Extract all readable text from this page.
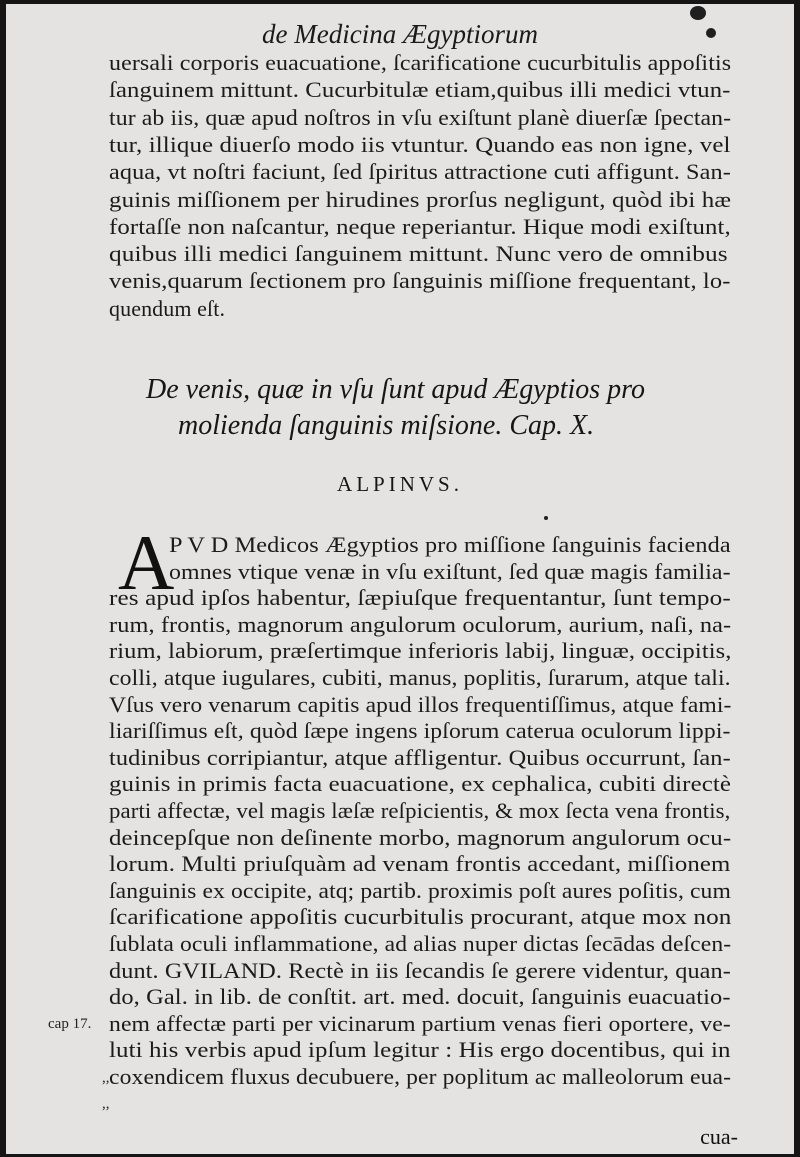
de Medicina Ægyptiorum
uersali corporis euacuatione, ſcarificatione cucurbitulis appoſitis
ſanguinem mittunt. Cucurbitulæ etiam,quibus illi medici vtun-
tur ab iis, quæ apud noſtros in vſu exiſtunt planè diuerſæ ſpectan-
tur, illique diuerſo modo iis vtuntur. Quando eas non igne, vel
aqua, vt noſtri faciunt, ſed ſpiritus attractione cuti affigunt. San-
guinis miſſionem per hirudines prorſus negligunt, quòd ibi hæ
fortaſſe non naſcantur, neque reperiantur. Hique modi exiſtunt,
quibus illi medici ſanguinem mittunt. Nunc vero de omnibus
venis,quarum ſectionem pro ſanguinis miſſione frequentant, lo-
quendum eſt.
De venis, quæ in vſu ſunt apud Ægyptios pro
molienda ſanguinis miſsione. Cap. X.
ALPINVS.
A
P V D Medicos Ægyptios pro miſſione ſanguinis facienda
omnes vtique venæ in vſu exiſtunt, ſed quæ magis familia-
res apud ipſos habentur, ſæpiuſque frequentantur, ſunt tempo-
rum, frontis, magnorum angulorum oculorum, aurium, naſi, na-
rium, labiorum, præſertimque inferioris labij, linguæ, occipitis,
colli, atque iugulares, cubiti, manus, poplitis, ſurarum, atque tali.
Vſus vero venarum capitis apud illos frequentiſſimus, atque fami-
liariſſimus eſt, quòd ſæpe ingens ipſorum caterua oculorum lippi-
tudinibus corripiantur, atque affligentur. Quibus occurrunt, ſan-
guinis in primis facta euacuatione, ex cephalica, cubiti directè
parti affectæ, vel magis læſæ reſpicientis, & mox ſecta vena frontis,
deincepſque non deſinente morbo, magnorum angulorum ocu-
lorum. Multi priuſquàm ad venam frontis accedant, miſſionem
ſanguinis ex occipite, atq; partib. proximis poſt aures poſitis, cum
ſcarificatione appoſitis cucurbitulis procurant, atque mox non
ſublata oculi inflammatione, ad alias nuper dictas ſecādas deſcen-
dunt. GVILAND. Rectè in iis ſecandis ſe gerere videntur, quan-
do, Gal. in lib. de conſtit. art. med. docuit, ſanguinis euacuatio-
nem affectæ parti per vicinarum partium venas fieri oportere, ve-
luti his verbis apud ipſum legitur : His ergo docentibus, qui in
coxendicem fluxus decubuere, per poplitum ac malleolorum eua-
cap 17.
,,
,,
cua-
